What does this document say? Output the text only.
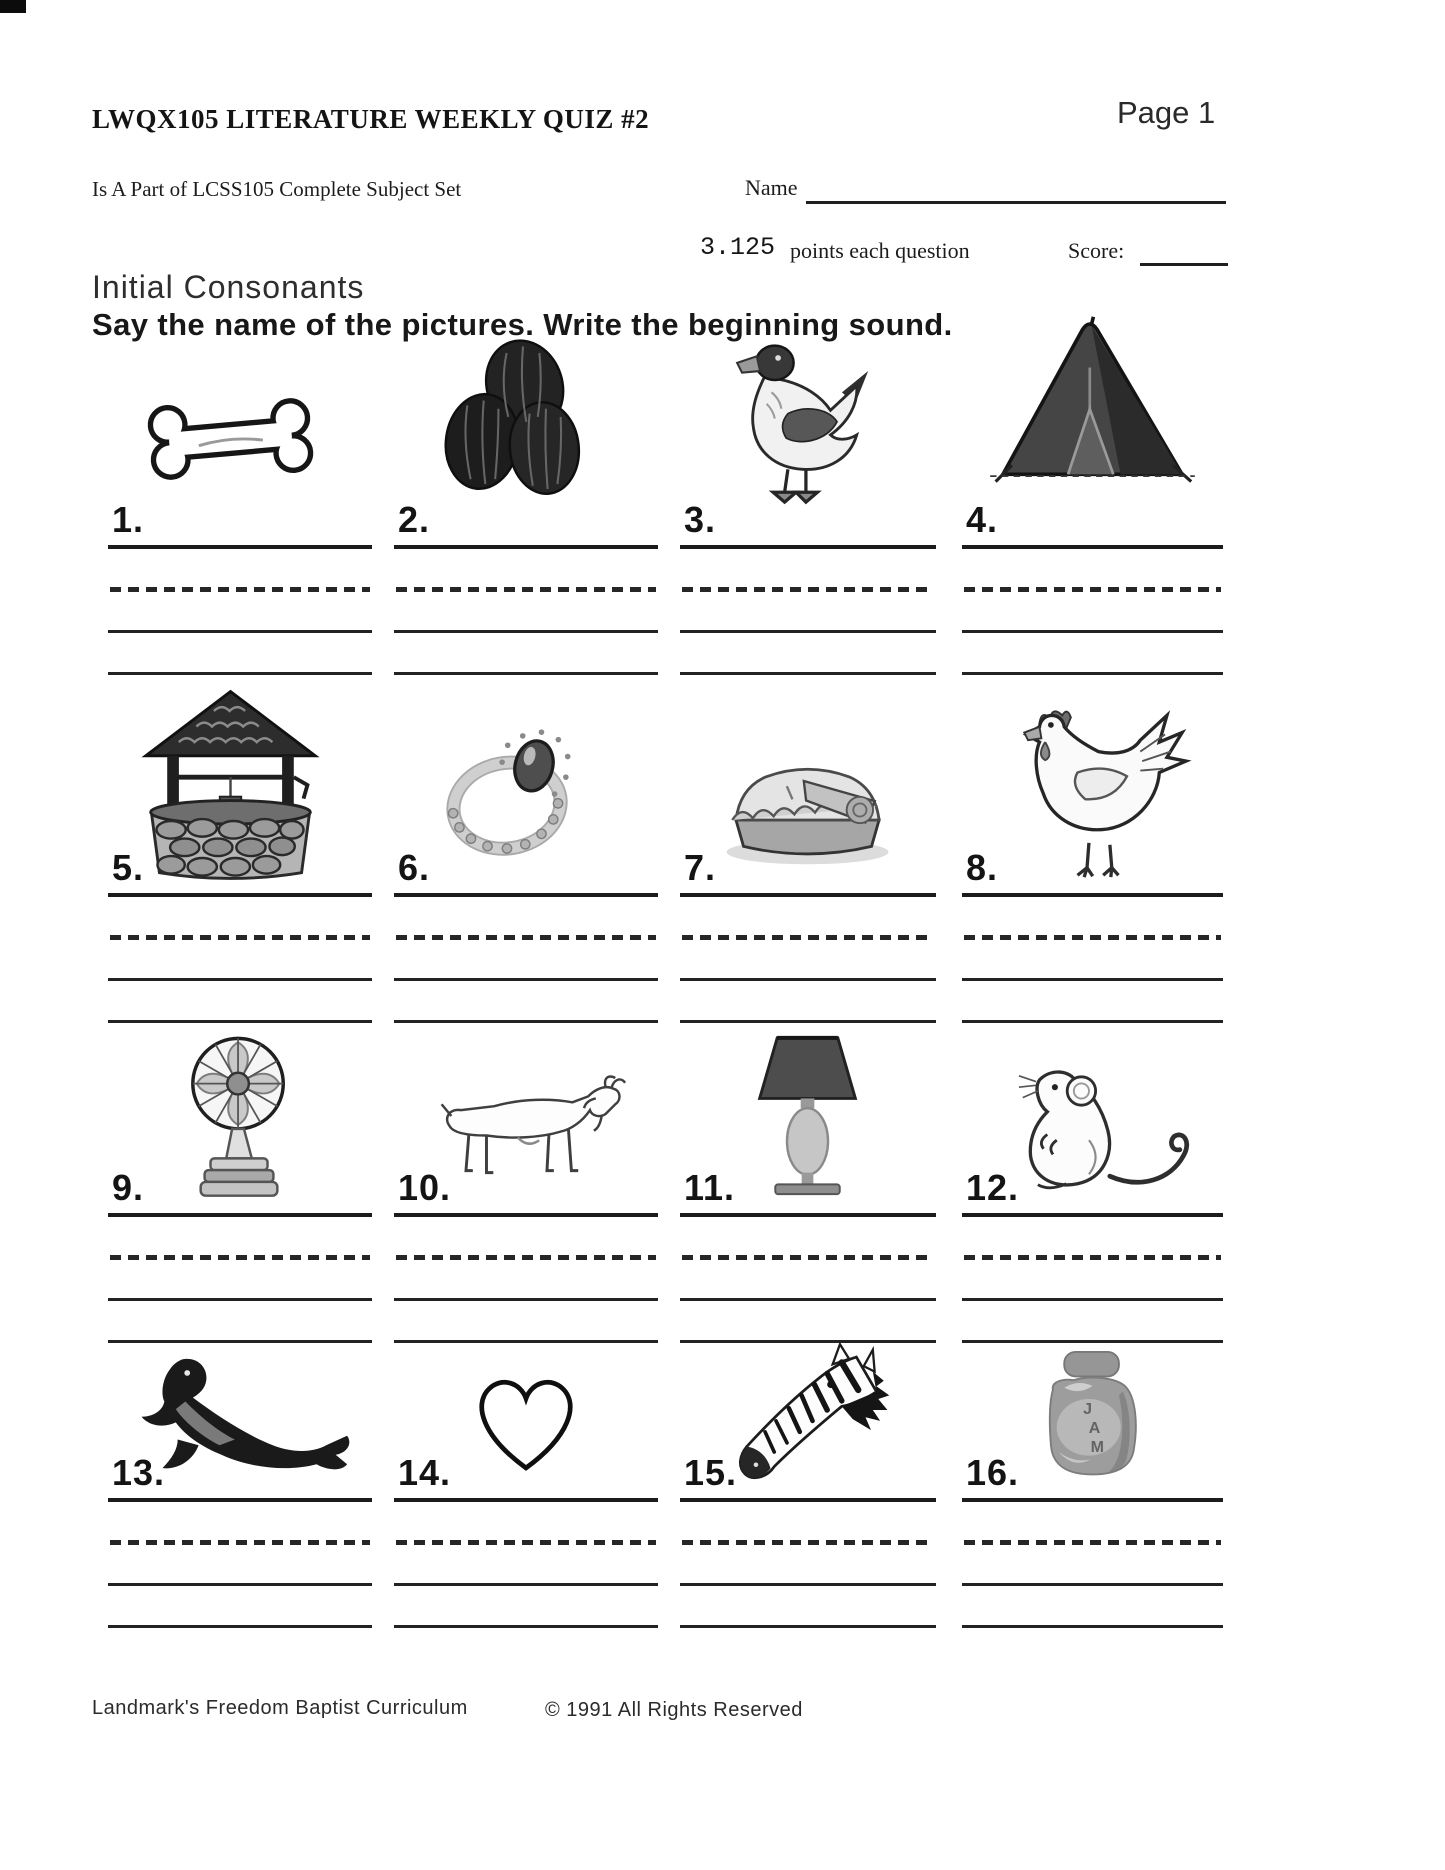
LWQX105 LITERATURE WEEKLY QUIZ #2	Page 1
Is A Part of LCSS105 Complete Subject Set	Name
3.125 points each question	Score:
Initial Consonants
Say the name of the pictures. Write the beginning sound.
1.	2.	3.	4.
5.	6.	7.	8.
9.	10.	11.	12.
13.	14.	15.
J
A
M
16.
Landmark's Freedom Baptist Curriculum	© 1991 All Rights Reserved
